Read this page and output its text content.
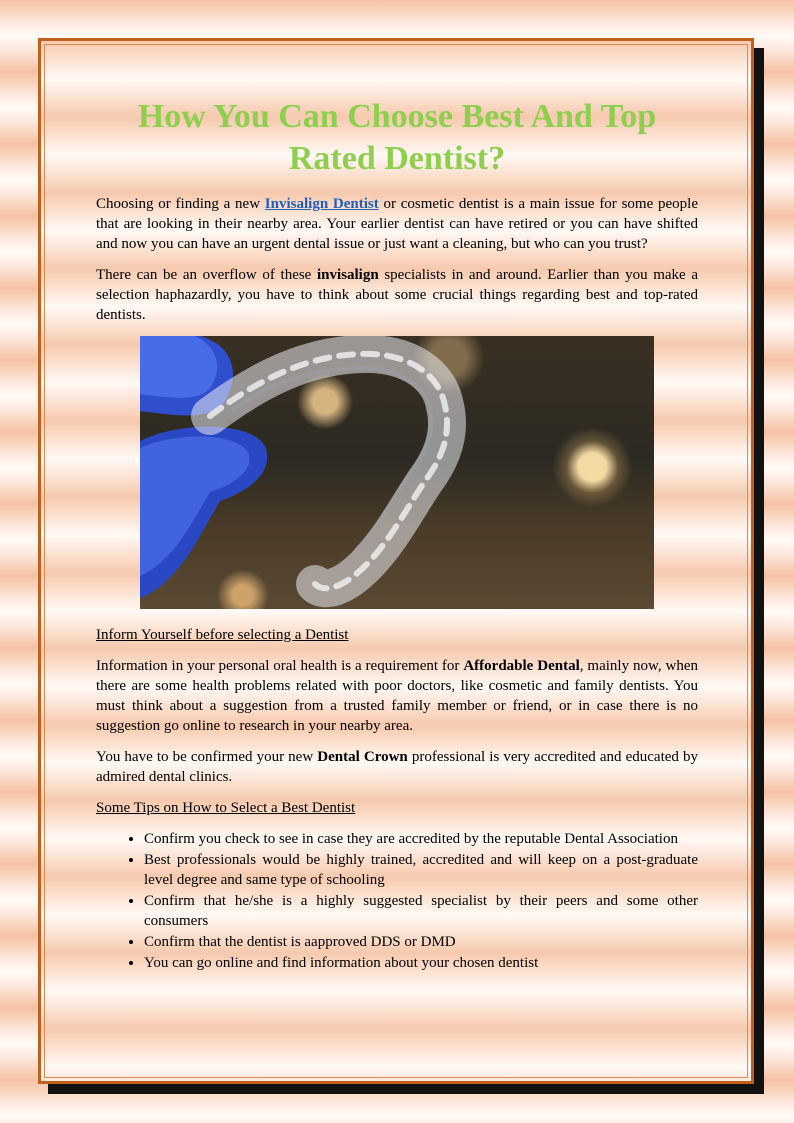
How You Can Choose Best And Top Rated Dentist?

Choosing or finding a new Invisalign Dentist or cosmetic dentist is a main issue for some people that are looking in their nearby area. Your earlier dentist can have retired or you can have shifted and now you can have an urgent dental issue or just want a cleaning, but who can you trust?

There can be an overflow of these invisalign specialists in and around. Earlier than you make a selection haphazardly, you have to think about some crucial things regarding best and top-rated dentists.

Inform Yourself before selecting a Dentist

Information in your personal oral health is a requirement for Affordable Dental, mainly now, when there are some health problems related with poor doctors, like cosmetic and family dentists. You must think about a suggestion from a trusted family member or friend, or in case there is no suggestion go online to research in your nearby area.

You have to be confirmed your new Dental Crown professional is very accredited and educated by admired dental clinics.

Some Tips on How to Select a Best Dentist

• Confirm you check to see in case they are accredited by the reputable Dental Association
• Best professionals would be highly trained, accredited and will keep on a post-graduate level degree and same type of schooling
• Confirm that he/she is a highly suggested specialist by their peers and some other consumers
• Confirm that the dentist is aapproved DDS or DMD
• You can go online and find information about your chosen dentist
